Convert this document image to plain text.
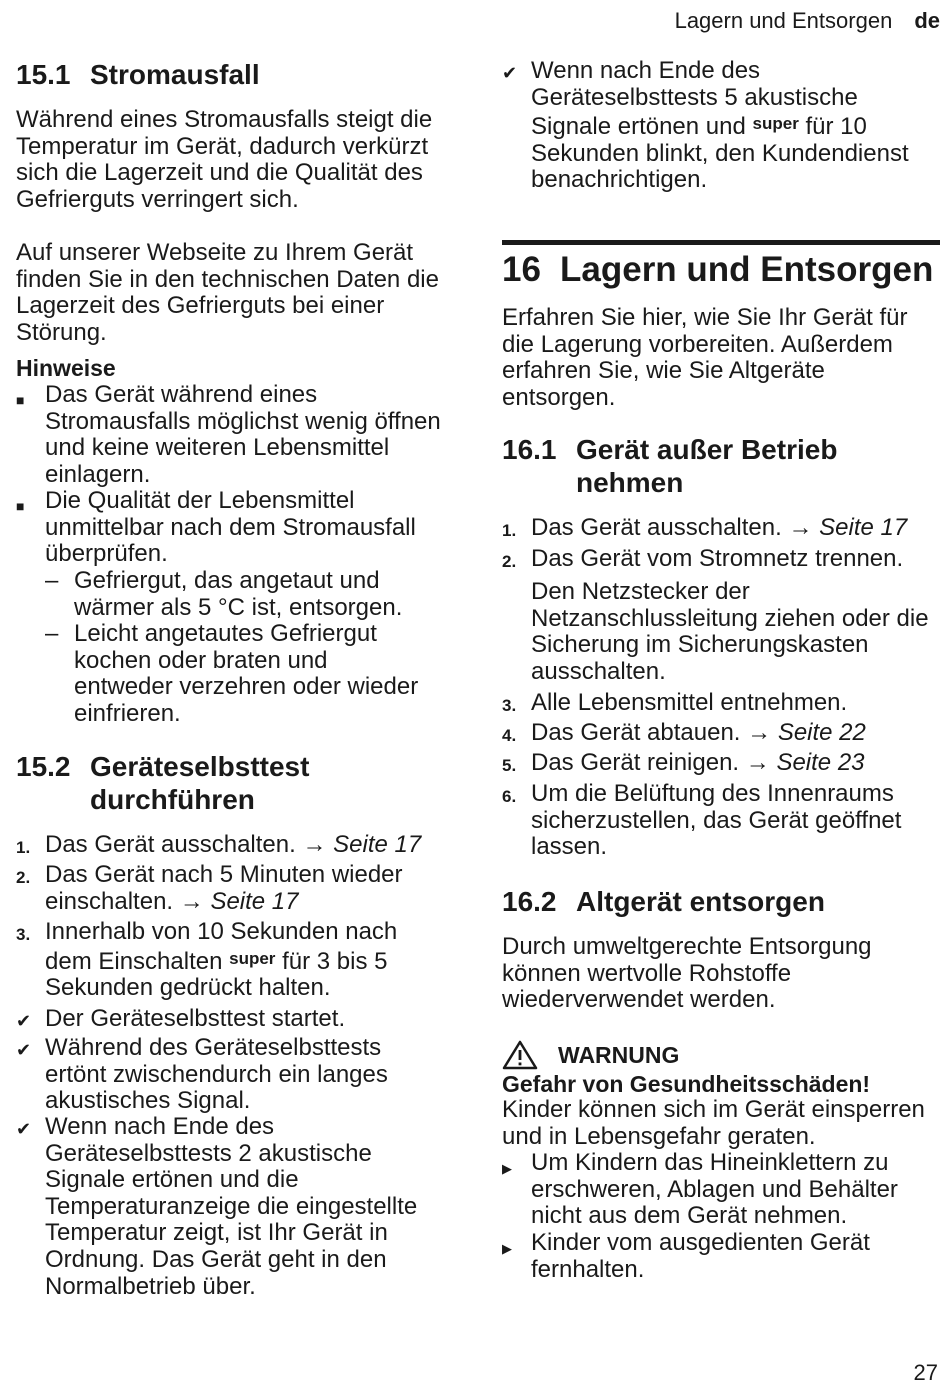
Lagern und Entsorgen de
15.1 Stromausfall
Während eines Stromausfalls steigt die Temperatur im Gerät, dadurch verkürzt sich die Lagerzeit und die Qualität des Gefrierguts verringert sich.
Auf unserer Webseite zu Ihrem Gerät finden Sie in den technischen Daten die Lagerzeit des Gefrierguts bei einer Störung.
Hinweise
■ Das Gerät während eines Stromausfalls möglichst wenig öffnen und keine weiteren Lebensmittel einlagern.
■ Die Qualität der Lebensmittel unmittelbar nach dem Stromausfall überprüfen.
– Gefriergut, das angetaut und wärmer als 5 °C ist, entsorgen.
– Leicht angetautes Gefriergut kochen oder braten und entweder verzehren oder wieder einfrieren.
15.2 Geräteselbsttest durchführen
1. Das Gerät ausschalten. → Seite 17
2. Das Gerät nach 5 Minuten wieder einschalten. → Seite 17
3. Innerhalb von 10 Sekunden nach dem Einschalten $^{super}$ für 3 bis 5 Sekunden gedrückt halten.
✔ Der Geräteselbsttest startet.
✔ Während des Geräteselbsttests ertönt zwischendurch ein langes akustisches Signal.
✔ Wenn nach Ende des Geräteselbsttests 2 akustische Signale ertönen und die Temperaturanzeige die eingestellte Temperatur zeigt, ist Ihr Gerät in Ordnung. Das Gerät geht in den Normalbetrieb über.
✔ Wenn nach Ende des Geräteselbsttests 5 akustische Signale ertönen und $^{super}$ für 10 Sekunden blinkt, den Kundendienst benachrichtigen.
16 Lagern und Entsorgen
Erfahren Sie hier, wie Sie Ihr Gerät für die Lagerung vorbereiten. Außerdem erfahren Sie, wie Sie Altgeräte entsorgen.
16.1 Gerät außer Betrieb nehmen
1. Das Gerät ausschalten. → Seite 17
2. Das Gerät vom Stromnetz trennen.
Den Netzstecker der Netzanschlussleitung ziehen oder die Sicherung im Sicherungskasten ausschalten.
3. Alle Lebensmittel entnehmen.
4. Das Gerät abtauen. → Seite 22
5. Das Gerät reinigen. → Seite 23
6. Um die Belüftung des Innenraums sicherzustellen, das Gerät geöffnet lassen.
16.2 Altgerät entsorgen
Durch umweltgerechte Entsorgung können wertvolle Rohstoffe wiederverwendet werden.
WARNUNG
Gefahr von Gesundheitsschäden!
Kinder können sich im Gerät einsperren und in Lebensgefahr geraten.
▶ Um Kindern das Hineinklettern zu erschweren, Ablagen und Behälter nicht aus dem Gerät nehmen.
▶ Kinder vom ausgedienten Gerät fernhalten.
27
